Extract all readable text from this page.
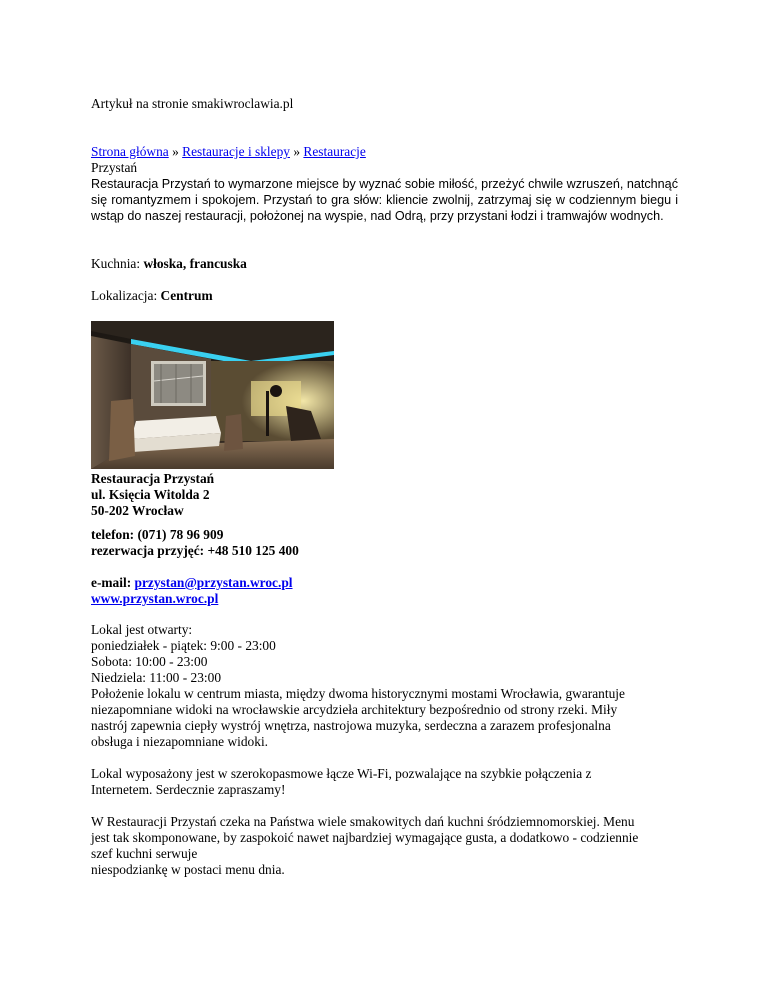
Artykuł na stronie smakiwroclawia.pl
Strona główna » Restauracje i sklepy » Restauracje
Przystań
Restauracja Przystań to wymarzone miejsce by wyznać sobie miłość, przeżyć chwile wzruszeń, natchnąć się romantyzmem i spokojem. Przystań to gra słów: kliencie zwolnij, zatrzymaj się w codziennym biegu i wstąp do naszej restauracji, położonej na wyspie, nad Odrą, przy przystani łodzi i tramwajów wodnych.
Kuchnia: włoska, francuska
Lokalizacja: Centrum
Restauracja Przystań
ul. Księcia Witolda 2
50-202 Wrocław
telefon: (071) 78 96 909
rezerwacja przyjęć: +48 510 125 400
e-mail: przystan@przystan.wroc.pl
www.przystan.wroc.pl
Lokal jest otwarty:
poniedziałek - piątek: 9:00 - 23:00
Sobota: 10:00 - 23:00
Niedziela: 11:00 - 23:00
Położenie lokalu w centrum miasta, między dwoma historycznymi mostami Wrocławia, gwarantuje
niezapomniane widoki na wrocławskie arcydzieła architektury bezpośrednio od strony rzeki. Miły
nastrój zapewnia ciepły wystrój wnętrza, nastrojowa muzyka, serdeczna a zarazem profesjonalna
obsługa i niezapomniane widoki.
Lokal wyposażony jest w szerokopasmowe łącze Wi-Fi, pozwalające na szybkie połączenia z
Internetem. Serdecznie zapraszamy!
W Restauracji Przystań czeka na Państwa wiele smakowitych dań kuchni śródziemnomorskiej. Menu
jest tak skomponowane, by zaspokoić nawet najbardziej wymagające gusta, a dodatkowo - codziennie
szef kuchni serwuje
niespodziankę w postaci menu dnia.
